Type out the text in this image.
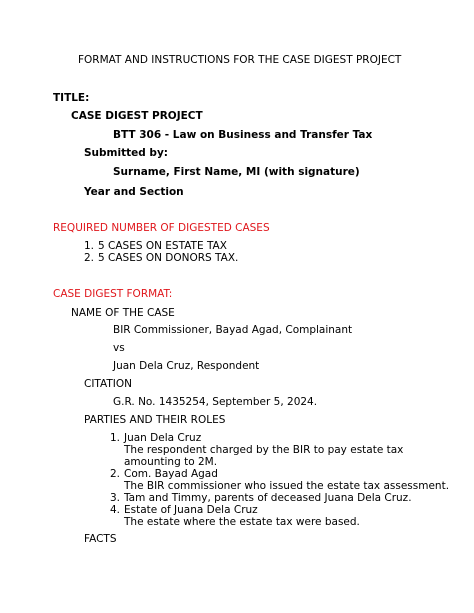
FORMAT AND INSTRUCTIONS FOR THE CASE DIGEST PROJECT
TITLE:
CASE DIGEST PROJECT
BTT 306 - Law on Business and Transfer Tax
Submitted by:
Surname, First Name, MI (with signature)
Year and Section
REQUIRED NUMBER OF DIGESTED CASES
1. 5 CASES ON ESTATE TAX
2. 5 CASES ON DONORS TAX.
CASE DIGEST FORMAT:
NAME OF THE CASE
BIR Commissioner, Bayad Agad, Complainant
vs
Juan Dela Cruz, Respondent
CITATION
G.R. No. 1435254, September 5, 2024.
PARTIES AND THEIR ROLES
1. Juan Dela Cruz
The respondent charged by the BIR to pay estate tax
amounting to 2M.
2. Com. Bayad Agad
The BIR commissioner who issued the estate tax assessment.
3. Tam and Timmy, parents of deceased Juana Dela Cruz.
4. Estate of Juana Dela Cruz
The estate where the estate tax were based.
FACTS
